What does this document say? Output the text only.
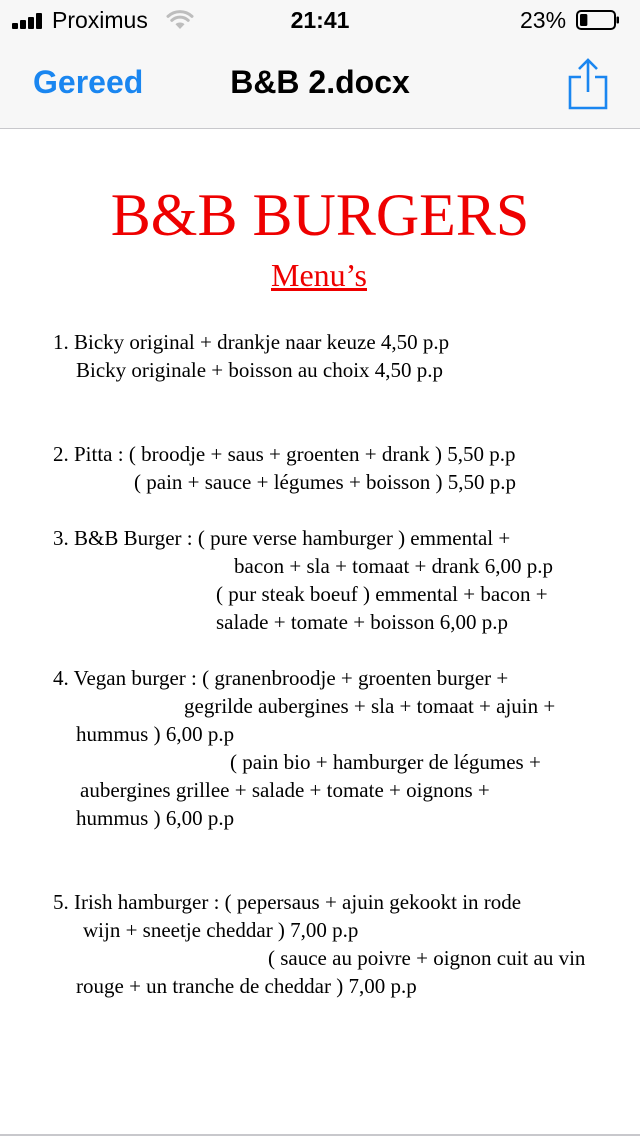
Proximus	21:41	23%
Gereed	B&B 2.docx
B&B BURGERS
Menu’s
1. Bicky original + drankje naar keuze 4,50 p.p
Bicky originale + boisson au choix 4,50 p.p
2. Pitta : ( broodje + saus + groenten + drank ) 5,50 p.p
( pain + sauce + légumes + boisson ) 5,50 p.p
3. B&B Burger : ( pure verse hamburger ) emmental +
bacon + sla + tomaat + drank 6,00 p.p
( pur steak boeuf ) emmental + bacon +
salade + tomate + boisson 6,00 p.p
4. Vegan burger : ( granenbroodje + groenten burger +
gegrilde aubergines + sla + tomaat + ajuin +
hummus ) 6,00 p.p
( pain bio + hamburger de légumes +
aubergines grillee + salade + tomate + oignons +
hummus ) 6,00 p.p
5. Irish hamburger : ( pepersaus + ajuin gekookt in rode
wijn + sneetje cheddar ) 7,00 p.p
( sauce au poivre + oignon cuit au vin
rouge + un tranche de cheddar ) 7,00 p.p
